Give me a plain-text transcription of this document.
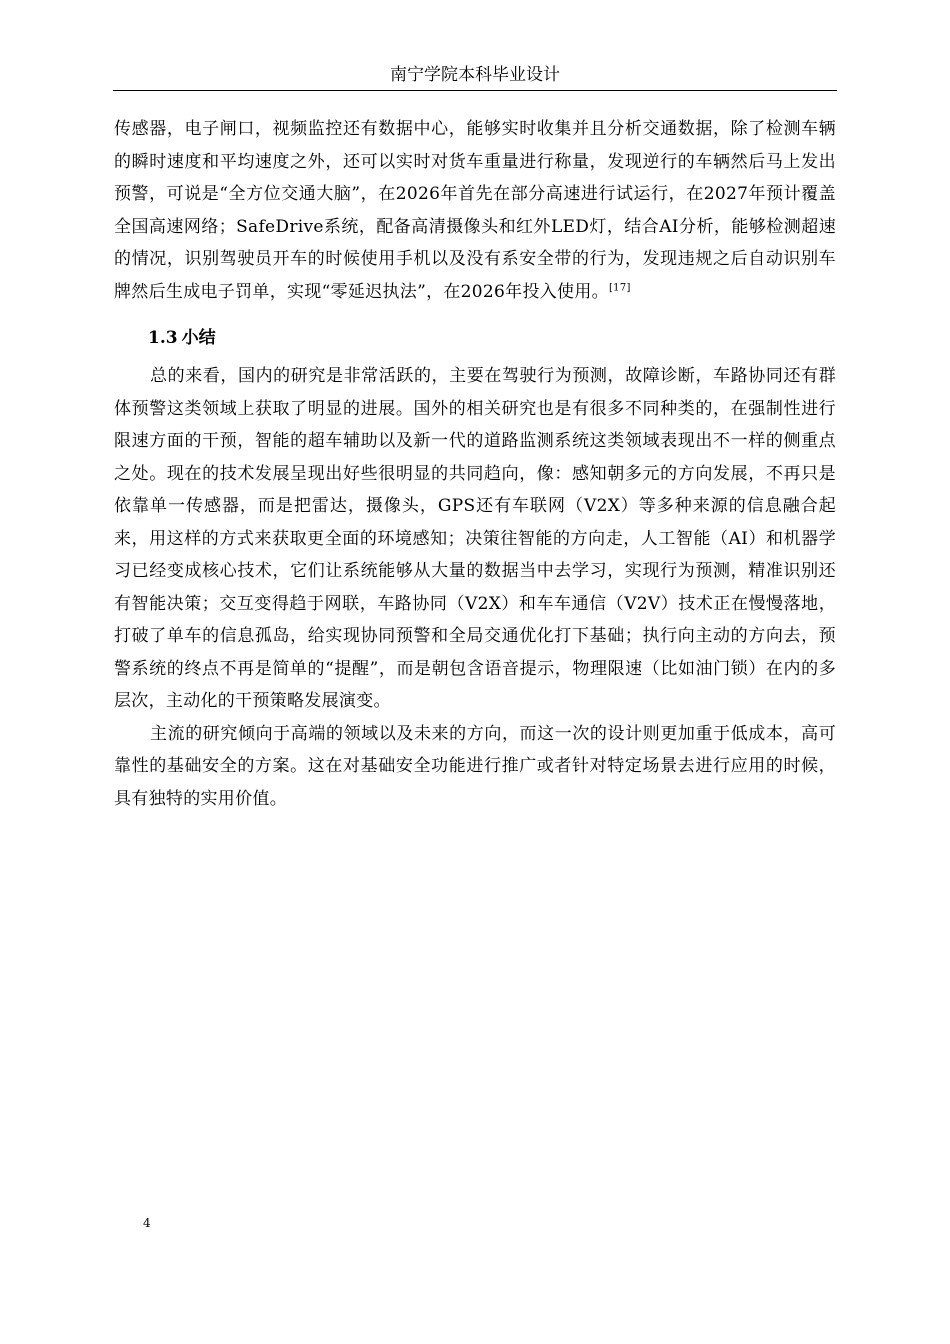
南宁学院本科毕业设计

传感器，电子闸口，视频监控还有数据中心，能够实时收集并且分析交通数据，除了检测车辆的瞬时速度和平均速度之外，还可以实时对货车重量进行称量，发现逆行的车辆然后马上发出预警，可说是“全方位交通大脑”，在2026年首先在部分高速进行试运行，在2027年预计覆盖全国高速网络；SafeDrive系统，配备高清摄像头和红外LED灯，结合AI分析，能够检测超速的情况，识别驾驶员开车的时候使用手机以及没有系安全带的行为，发现违规之后自动识别车牌然后生成电子罚单，实现“零延迟执法”，在2026年投入使用。[17]

1.3 小结

总的来看，国内的研究是非常活跃的，主要在驾驶行为预测，故障诊断，车路协同还有群体预警这类领域上获取了明显的进展。国外的相关研究也是有很多不同种类的，在强制性进行限速方面的干预，智能的超车辅助以及新一代的道路监测系统这类领域表现出不一样的侧重点之处。现在的技术发展呈现出好些很明显的共同趋向，像：感知朝多元的方向发展，不再只是依靠单一传感器，而是把雷达，摄像头，GPS还有车联网（V2X）等多种来源的信息融合起来，用这样的方式来获取更全面的环境感知；决策往智能的方向走，人工智能（AI）和机器学习已经变成核心技术，它们让系统能够从大量的数据当中去学习，实现行为预测，精准识别还有智能决策；交互变得趋于网联，车路协同（V2X）和车车通信（V2V）技术正在慢慢落地，打破了单车的信息孤岛，给实现协同预警和全局交通优化打下基础；执行向主动的方向去，预警系统的终点不再是简单的“提醒”，而是朝包含语音提示，物理限速（比如油门锁）在内的多层次，主动化的干预策略发展演变。

主流的研究倾向于高端的领域以及未来的方向，而这一次的设计则更加重于低成本，高可靠性的基础安全的方案。这在对基础安全功能进行推广或者针对特定场景去进行应用的时候，具有独特的实用价值。

4
